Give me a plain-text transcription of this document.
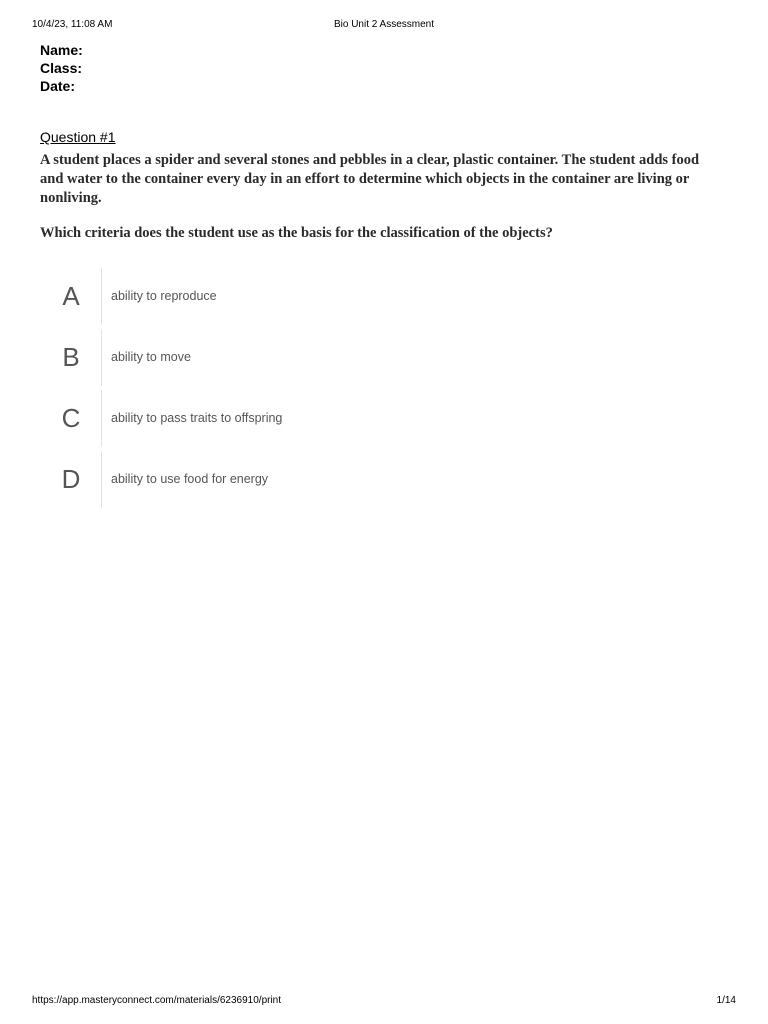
10/4/23, 11:08 AM	Bio Unit 2 Assessment
Name:
Class:
Date:
Question #1
A student places a spider and several stones and pebbles in a clear, plastic container. The student adds food and water to the container every day in an effort to determine which objects in the container are living or nonliving.
Which criteria does the student use as the basis for the classification of the objects?
A	ability to reproduce
B	ability to move
C	ability to pass traits to offspring
D	ability to use food for energy
https://app.masteryconnect.com/materials/6236910/print	1/14
